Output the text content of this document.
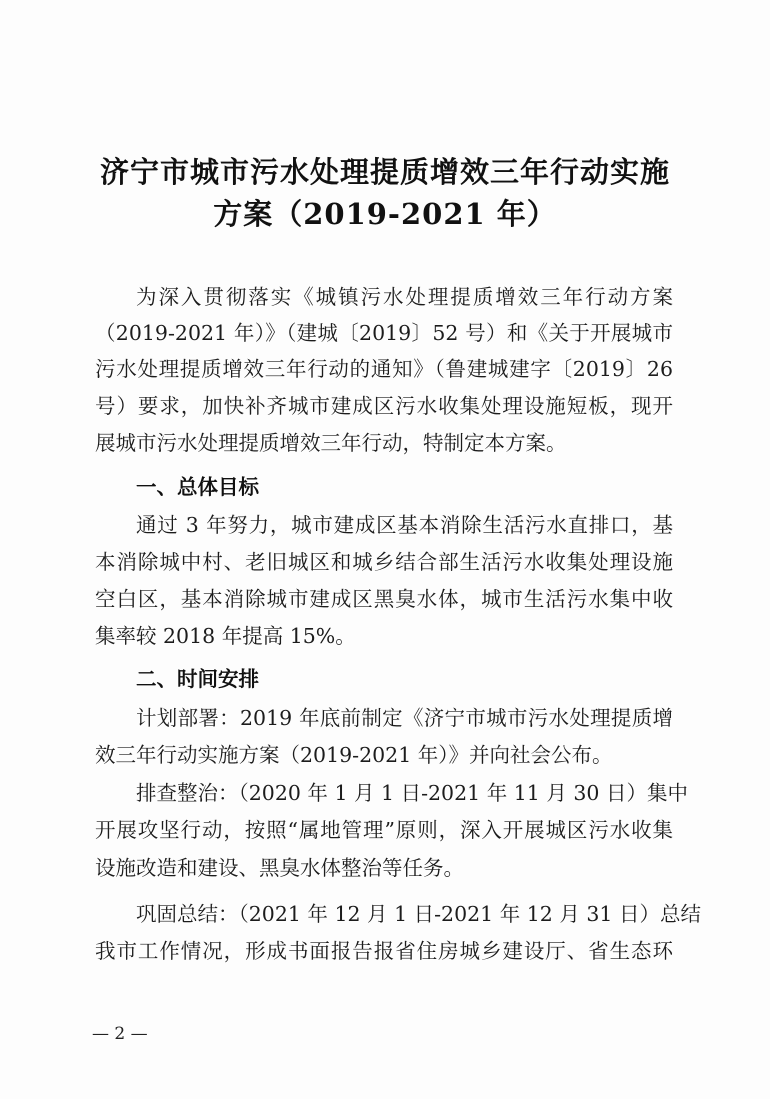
济宁市城市污水处理提质增效三年行动实施
方案（2019-2021 年）
为深入贯彻落实《城镇污水处理提质增效三年行动方案
（2019-2021 年）》（建城〔2019〕52 号）和《关于开展城市
污水处理提质增效三年行动的通知》（鲁建城建字〔2019〕26
号）要求，加快补齐城市建成区污水收集处理设施短板，现开
展城市污水处理提质增效三年行动，特制定本方案。
一、总体目标
通过 3 年努力，城市建成区基本消除生活污水直排口，基
本消除城中村、老旧城区和城乡结合部生活污水收集处理设施
空白区，基本消除城市建成区黑臭水体，城市生活污水集中收
集率较 2018 年提高 15%。
二、时间安排
计划部署：2019 年底前制定《济宁市城市污水处理提质增
效三年行动实施方案（2019-2021 年）》并向社会公布。
排查整治：（2020 年 1 月 1 日-2021 年 11 月 30 日）集中
开展攻坚行动，按照“属地管理”原则，深入开展城区污水收集
设施改造和建设、黑臭水体整治等任务。
巩固总结：（2021 年 12 月 1 日-2021 年 12 月 31 日）总结
我市工作情况，形成书面报告报省住房城乡建设厅、省生态环
— 2 —
